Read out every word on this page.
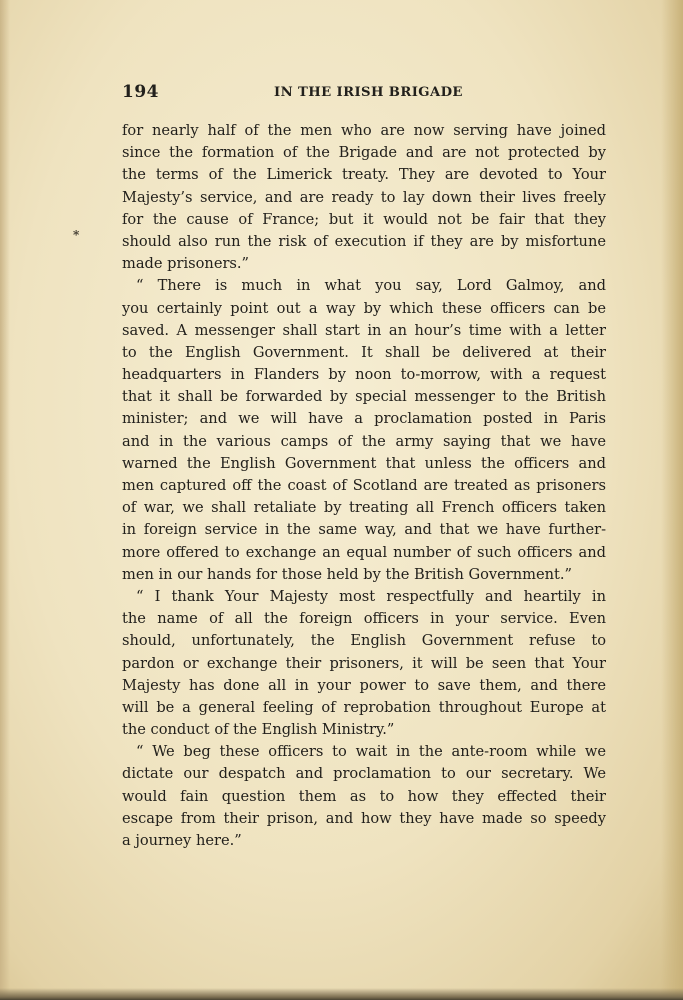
194	IN THE IRISH BRIGADE
*
for nearly half of the men who are now serving have joined
since the formation of the Brigade and are not protected by
the terms of the Limerick treaty. They are devoted to Your
Majesty’s service, and are ready to lay down their lives freely
for the cause of France; but it would not be fair that they
should also run the risk of execution if they are by misfortune
made prisoners.”
“ There is much in what you say, Lord Galmoy, and
you certainly point out a way by which these officers can be
saved. A messenger shall start in an hour’s time with a letter
to the English Government. It shall be delivered at their
headquarters in Flanders by noon to-morrow, with a request
that it shall be forwarded by special messenger to the British
minister; and we will have a proclamation posted in Paris
and in the various camps of the army saying that we have
warned the English Government that unless the officers and
men captured off the coast of Scotland are treated as prisoners
of war, we shall retaliate by treating all French officers taken
in foreign service in the same way, and that we have further-
more offered to exchange an equal number of such officers and
men in our hands for those held by the British Government.”
“ I thank Your Majesty most respectfully and heartily in
the name of all the foreign officers in your service. Even
should, unfortunately, the English Government refuse to
pardon or exchange their prisoners, it will be seen that Your
Majesty has done all in your power to save them, and there
will be a general feeling of reprobation throughout Europe at
the conduct of the English Ministry.”
“ We beg these officers to wait in the ante-room while we
dictate our despatch and proclamation to our secretary. We
would fain question them as to how they effected their
escape from their prison, and how they have made so speedy
a journey here.”
